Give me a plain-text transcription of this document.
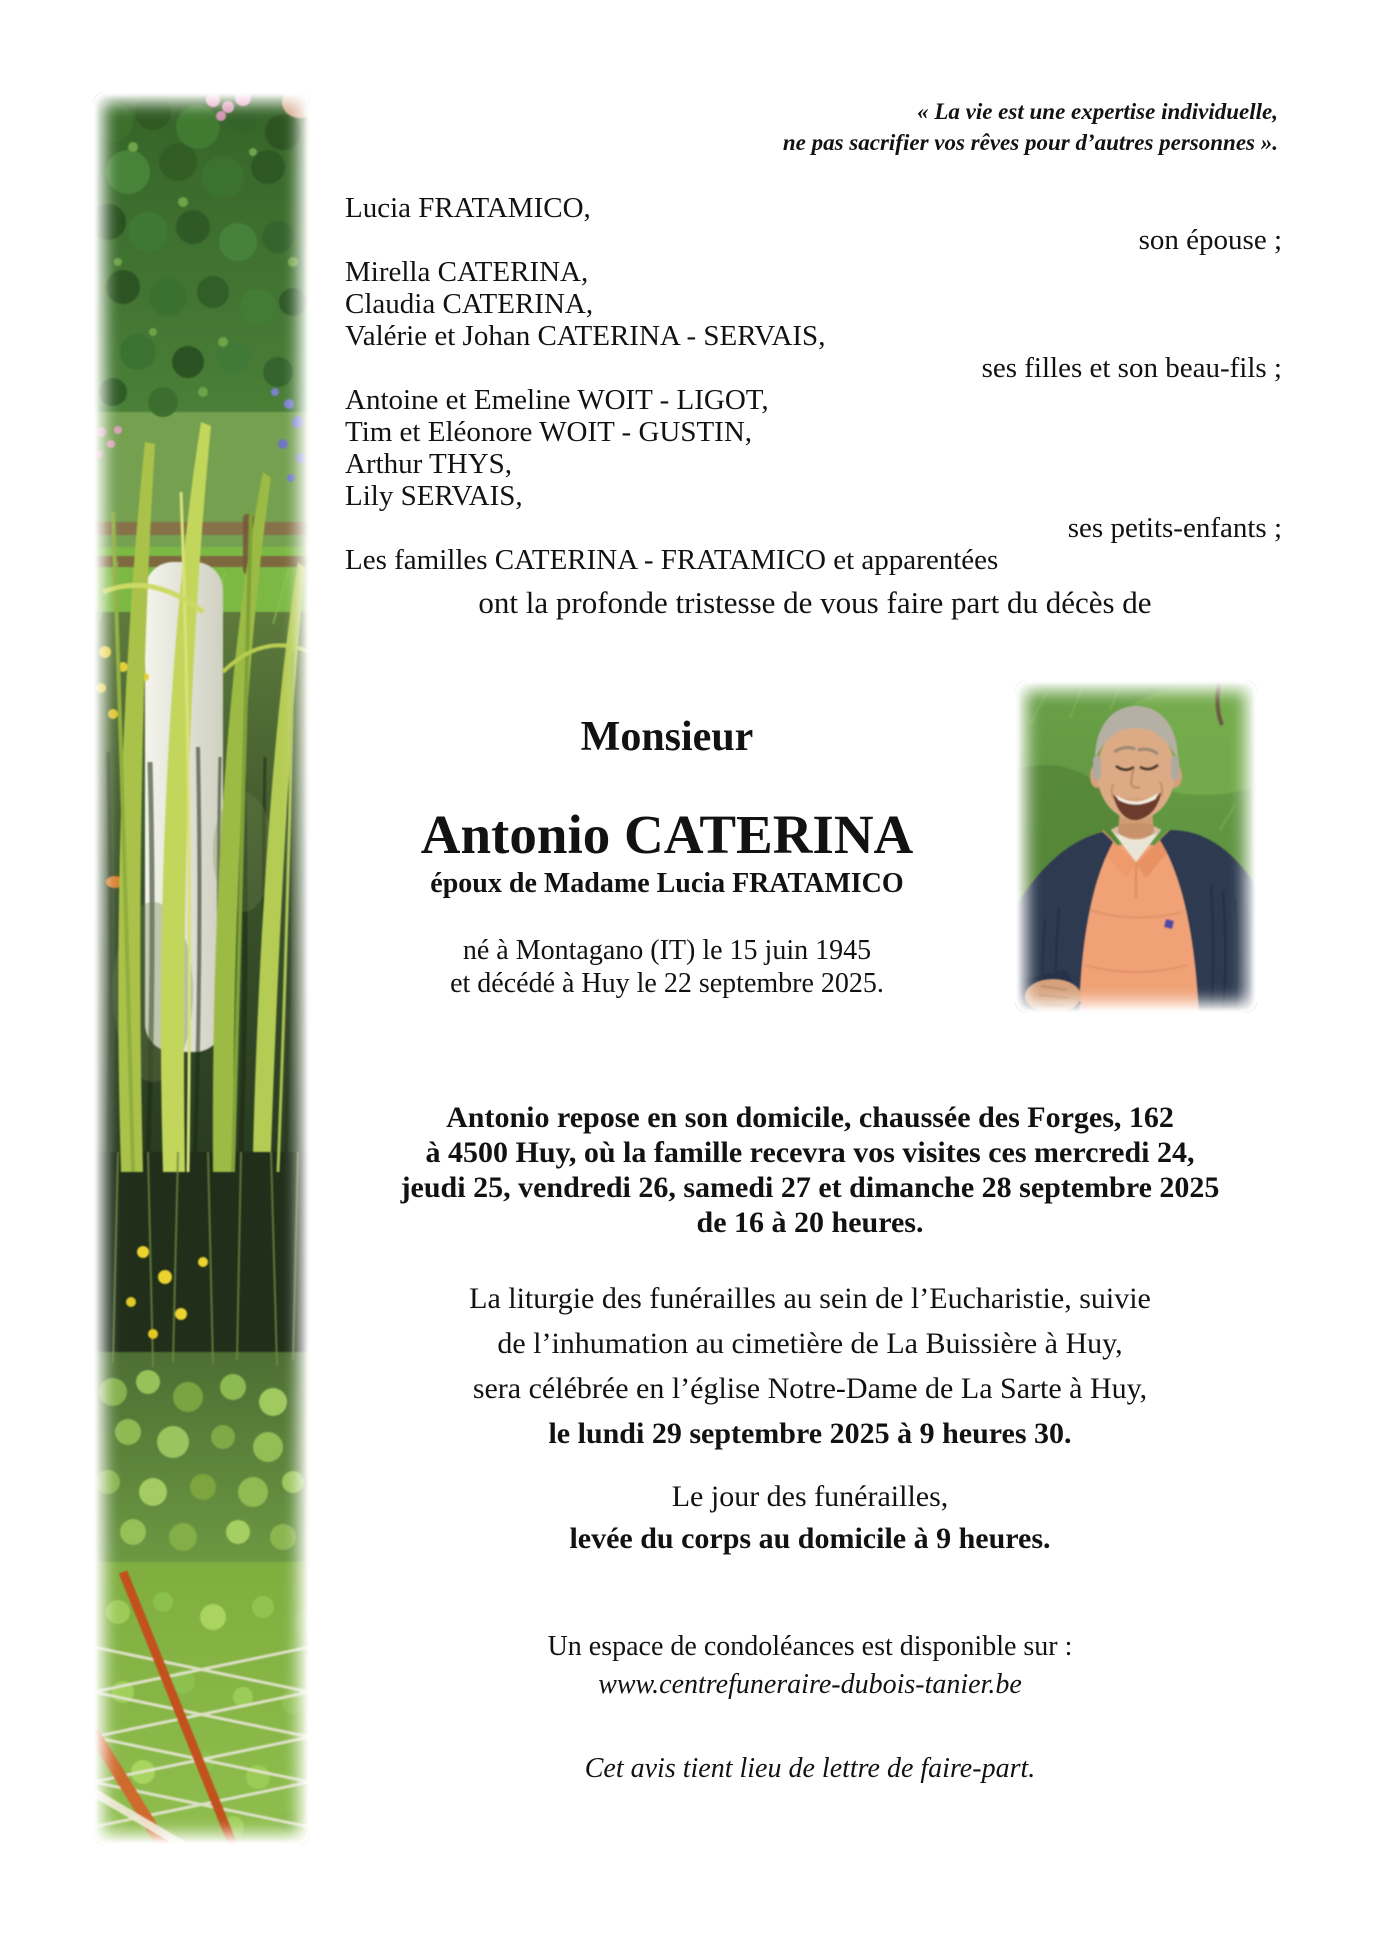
« La vie est une expertise individuelle,
ne pas sacrifier vos rêves pour d’autres personnes ».
Lucia FRATAMICO,
son épouse ;
Mirella CATERINA,
Claudia CATERINA,
Valérie et Johan CATERINA - SERVAIS,
ses filles et son beau-fils ;
Antoine et Emeline WOIT - LIGOT,
Tim et Eléonore WOIT - GUSTIN,
Arthur THYS,
Lily SERVAIS,
ses petits-enfants ;
Les familles CATERINA - FRATAMICO et apparentées
ont la profonde tristesse de vous faire part du décès de
Monsieur
Antonio CATERINA
époux de Madame Lucia FRATAMICO
né à Montagano (IT) le 15 juin 1945
et décédé à Huy le 22 septembre 2025.
Antonio repose en son domicile, chaussée des Forges, 162
à 4500 Huy, où la famille recevra vos visites ces mercredi 24,
jeudi 25, vendredi 26, samedi 27 et dimanche 28 septembre 2025
de 16 à 20 heures.
La liturgie des funérailles au sein de l’Eucharistie, suivie
de l’inhumation au cimetière de La Buissière à Huy,
sera célébrée en l’église Notre-Dame de La Sarte à Huy,
le lundi 29 septembre 2025 à 9 heures 30.
Le jour des funérailles,
levée du corps au domicile à 9 heures.
Un espace de condoléances est disponible sur :
www.centrefuneraire-dubois-tanier.be
Cet avis tient lieu de lettre de faire-part.
